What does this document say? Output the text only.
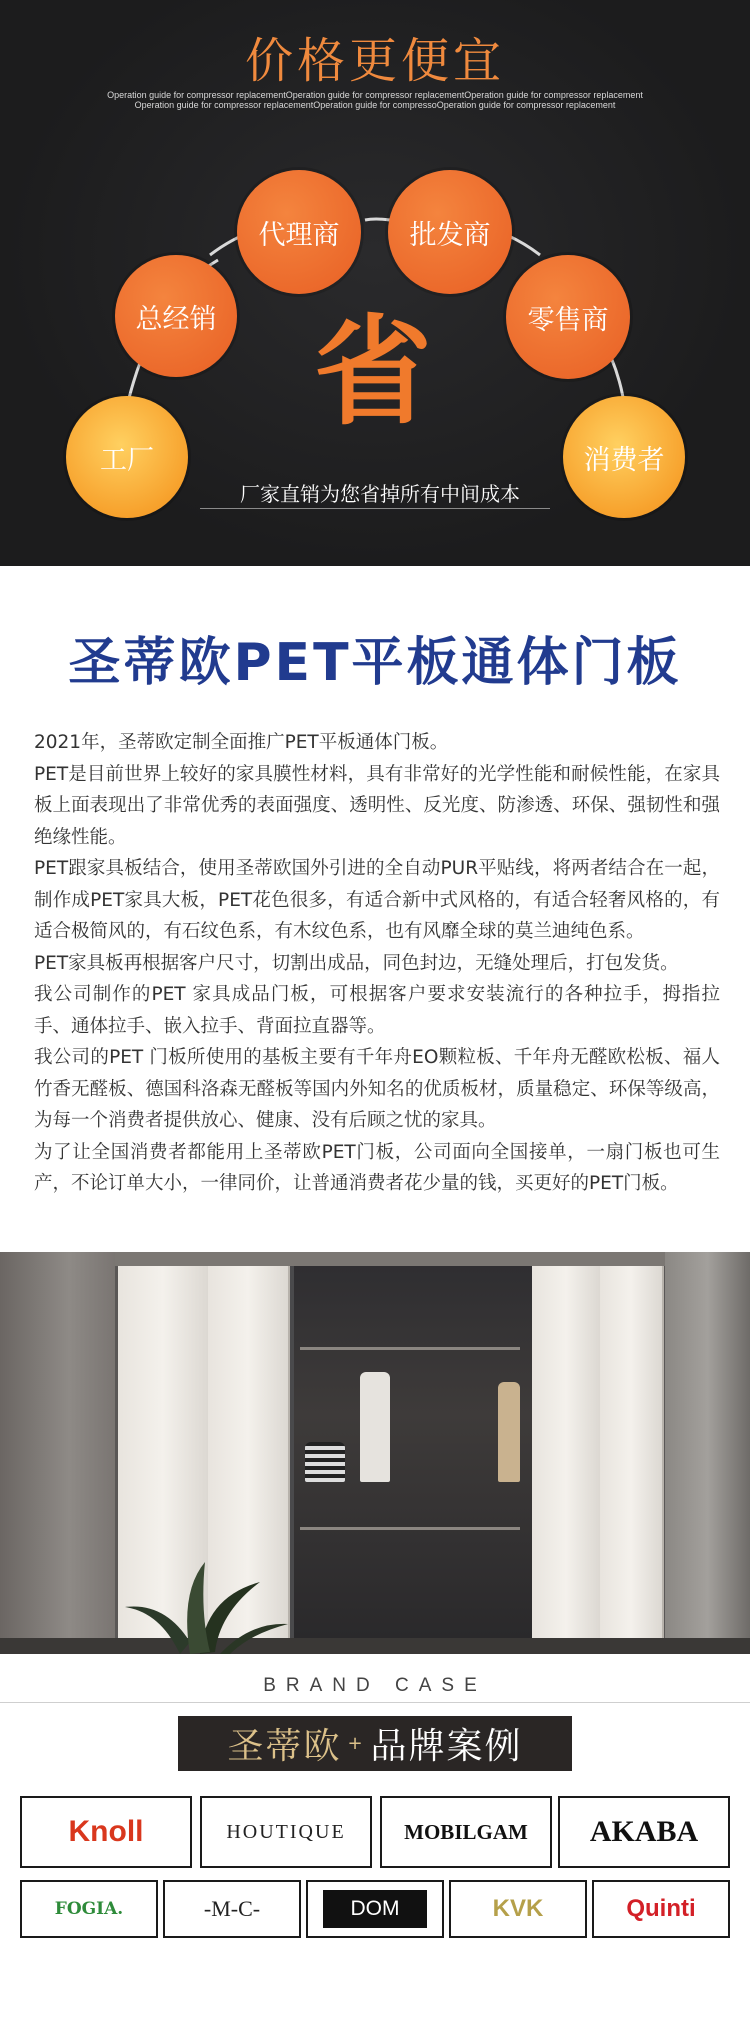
价格更便宜
Operation guide for compressor replacementOperation guide for compressor replacementOperation guide for compressor replacement
Operation guide for compressor replacementOperation guide for compressoOperation guide for compressor replacement
工厂
总经销
代理商	批发商
零售商
消费者
省
厂家直销为您省掉所有中间成本
圣蒂欧PET平板通体门板

2021年，圣蒂欧定制全面推广PET平板通体门板。

PET是目前世界上较好的家具膜性材料，具有非常好的光学性能和耐候性能，在家具板上面表现出了非常优秀的表面强度、透明性、反光度、防渗透、环保、强韧性和强绝缘性能。

PET跟家具板结合，使用圣蒂欧国外引进的全自动PUR平贴线，将两者结合在一起，制作成PET家具大板，PET花色很多，有适合新中式风格的，有适合轻奢风格的，有适合极简风的，有石纹色系，有木纹色系，也有风靡全球的莫兰迪纯色系。

PET家具板再根据客户尺寸，切割出成品，同色封边，无缝处理后，打包发货。

我公司制作的PET 家具成品门板，可根据客户要求安装流行的各种拉手，拇指拉手、通体拉手、嵌入拉手、背面拉直器等。

我公司的PET 门板所使用的基板主要有千年舟EO颗粒板、千年舟无醛欧松板、福人竹香无醛板、德国科洛森无醛板等国内外知名的优质板材，质量稳定、环保等级高，为每一个消费者提供放心、健康、没有后顾之忧的家具。

为了让全国消费者都能用上圣蒂欧PET门板，公司面向全国接单，一扇门板也可生产，不论订单大小，一律同价，让普通消费者花少量的钱，买更好的PET门板。

BRAND CASE
圣蒂欧 + 品牌案例
Knoll	HOUTIQUE	MOBILGAM AKABA
FOGIA.	-M-C-	DOM	KVK	Quinti
